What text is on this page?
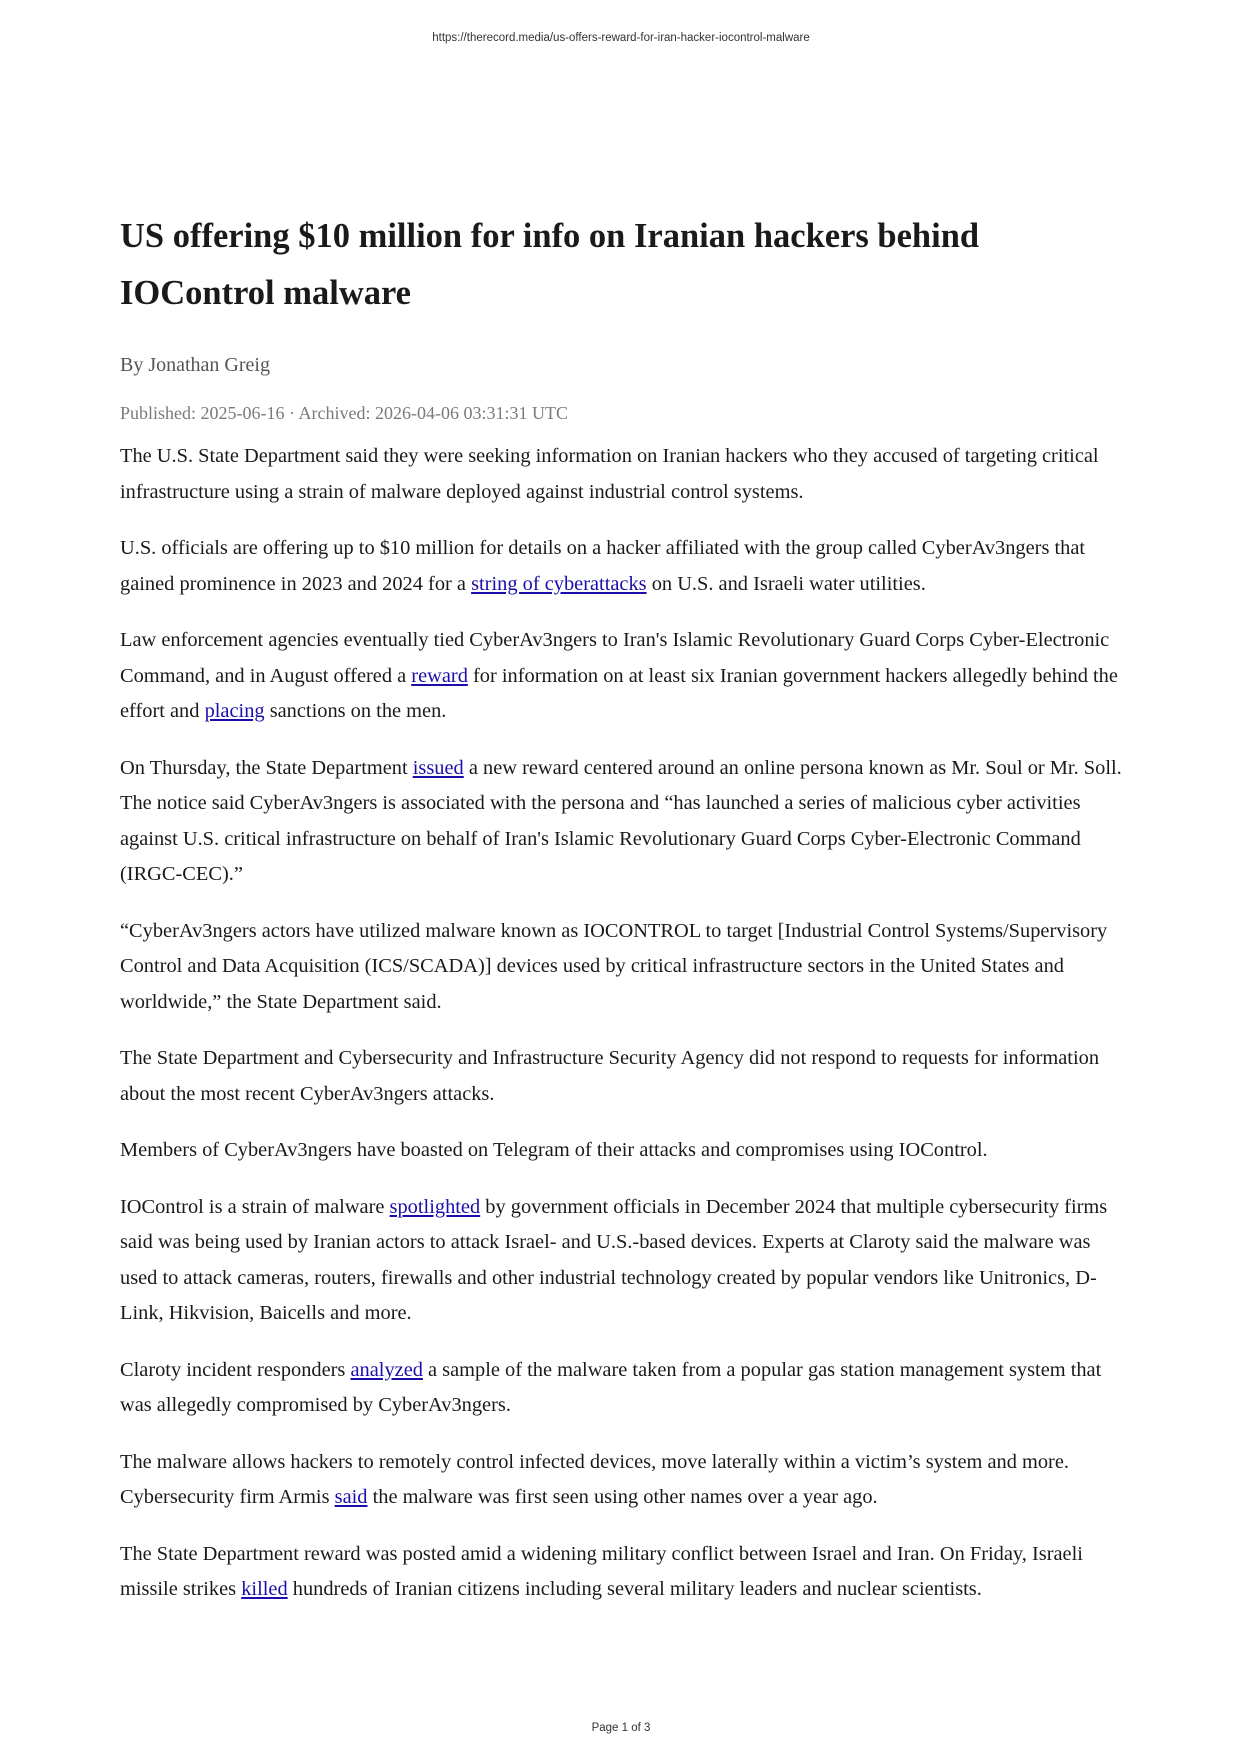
https://therecord.media/us-offers-reward-for-iran-hacker-iocontrol-malware
US offering $10 million for info on Iranian hackers behind
IOControl malware
By Jonathan Greig
Published: 2025-06-16 · Archived: 2026-04-06 03:31:31 UTC

The U.S. State Department said they were seeking information on Iranian hackers who they accused of targeting critical infrastructure using a strain of malware deployed against industrial control systems.

U.S. officials are offering up to $10 million for details on a hacker affiliated with the group called CyberAv3ngers that gained prominence in 2023 and 2024 for a string of cyberattacks on U.S. and Israeli water utilities.

Law enforcement agencies eventually tied CyberAv3ngers to Iran's Islamic Revolutionary Guard Corps Cyber-Electronic Command, and in August offered a reward for information on at least six Iranian government hackers allegedly behind the effort and placing sanctions on the men.

On Thursday, the State Department issued a new reward centered around an online persona known as Mr. Soul or Mr. Soll. The notice said CyberAv3ngers is associated with the persona and “has launched a series of malicious cyber activities against U.S. critical infrastructure on behalf of Iran's Islamic Revolutionary Guard Corps Cyber-Electronic Command (IRGC-CEC).”

“CyberAv3ngers actors have utilized malware known as IOCONTROL to target [Industrial Control Systems/Supervisory Control and Data Acquisition (ICS/SCADA)] devices used by critical infrastructure sectors in the United States and worldwide,” the State Department said.

The State Department and Cybersecurity and Infrastructure Security Agency did not respond to requests for information about the most recent CyberAv3ngers attacks.

Members of CyberAv3ngers have boasted on Telegram of their attacks and compromises using IOControl.

IOControl is a strain of malware spotlighted by government officials in December 2024 that multiple cybersecurity firms said was being used by Iranian actors to attack Israel- and U.S.-based devices. Experts at Claroty said the malware was used to attack cameras, routers, firewalls and other industrial technology created by popular vendors like Unitronics, D-Link, Hikvision, Baicells and more.

Claroty incident responders analyzed a sample of the malware taken from a popular gas station management system that was allegedly compromised by CyberAv3ngers.

The malware allows hackers to remotely control infected devices, move laterally within a victim’s system and more. Cybersecurity firm Armis said the malware was first seen using other names over a year ago.

The State Department reward was posted amid a widening military conflict between Israel and Iran. On Friday, Israeli missile strikes killed hundreds of Iranian citizens including several military leaders and nuclear scientists.

Page 1 of 3
